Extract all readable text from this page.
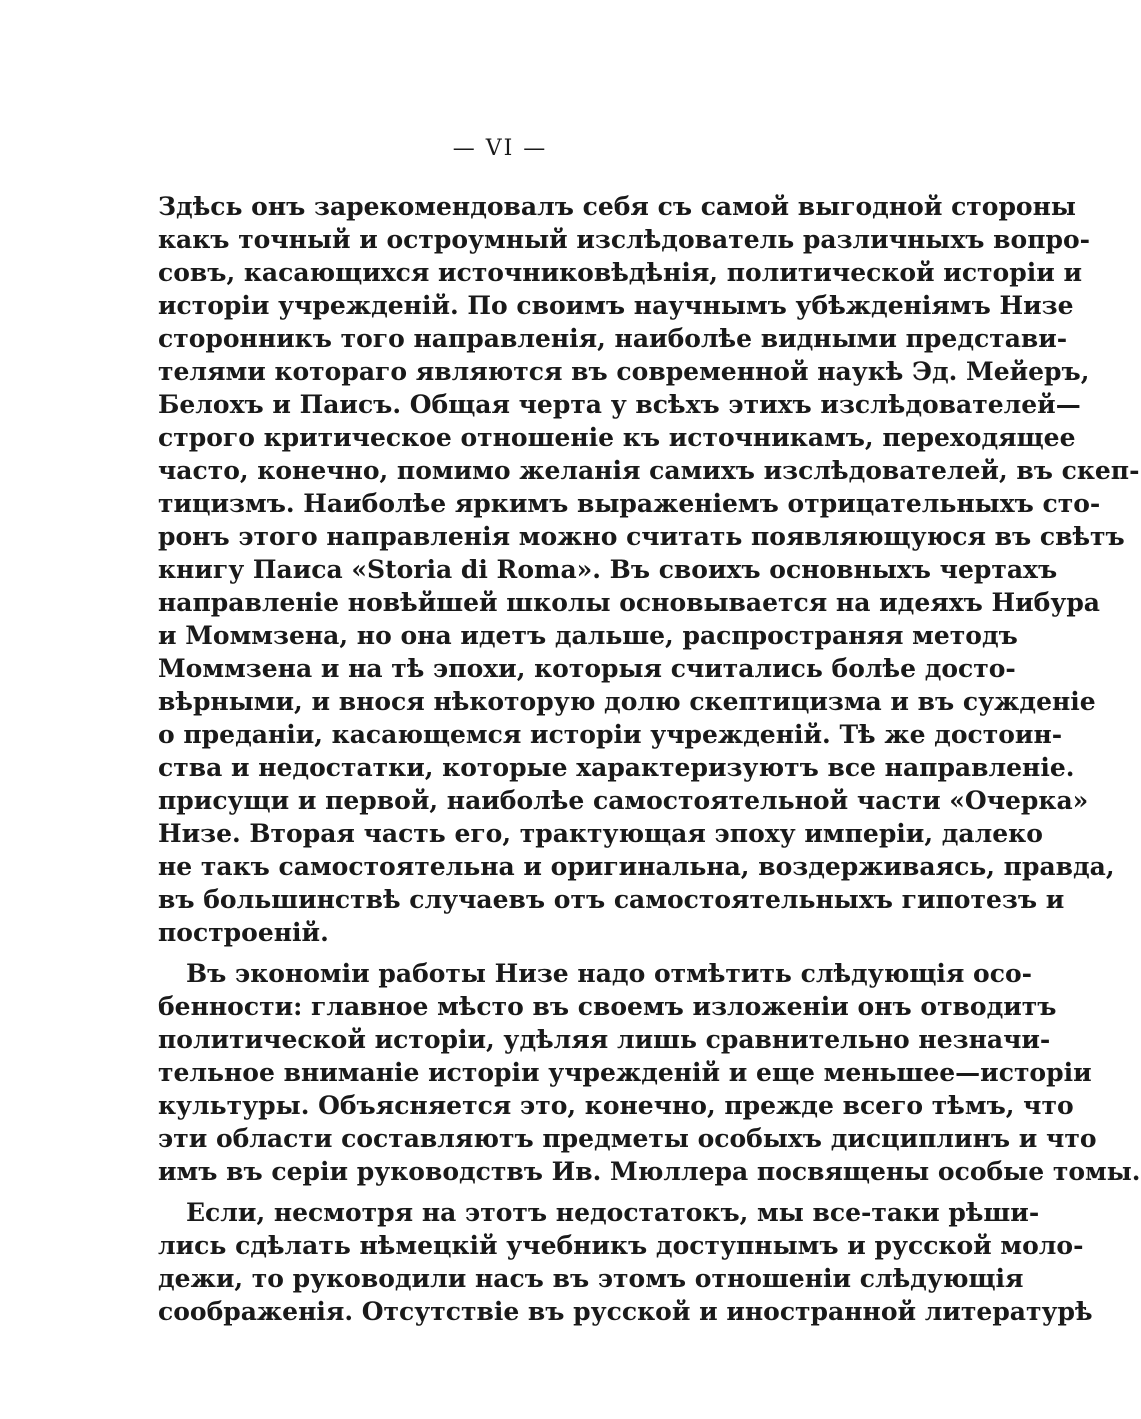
— VI —
Здѣсь онъ зарекомендовалъ себя съ самой выгодной стороны
какъ точный и остроумный изслѣдователь различныхъ вопро-
совъ, касающихся источниковѣдѣнія, политической исторіи и
исторіи учрежденій. По своимъ научнымъ убѣжденіямъ Низе
сторонникъ того направленія, наиболѣе видными представи-
телями котораго являются въ современной наукѣ Эд. Мейеръ,
Белохъ и Паисъ. Общая черта у всѣхъ этихъ изслѣдователей—
строго критическое отношеніе къ источникамъ, переходящее
часто, конечно, помимо желанія самихъ изслѣдователей, въ скеп-
тицизмъ. Наиболѣе яркимъ выраженіемъ отрицательныхъ сто-
ронъ этого направленія можно считать появляющуюся въ свѣтъ
книгу Паиса «Storia di Roma». Въ своихъ основныхъ чертахъ
направленіе новѣйшей школы основывается на идеяхъ Нибура
и Моммзена, но она идетъ дальше, распространяя методъ
Моммзена и на тѣ эпохи, которыя считались болѣе досто-
вѣрными, и внося нѣкоторую долю скептицизма и въ сужденіе
о преданіи, касающемся исторіи учрежденій. Тѣ же достоин-
ства и недостатки, которые характеризуютъ все направленіе.
присущи и первой, наиболѣе самостоятельной части «Очерка»
Низе. Вторая часть его, трактующая эпоху имперіи, далеко
не такъ самостоятельна и оригинальна, воздерживаясь, правда,
въ большинствѣ случаевъ отъ самостоятельныхъ гипотезъ и
построеній.
Въ экономіи работы Низе надо отмѣтить слѣдующія осо-
бенности: главное мѣсто въ своемъ изложеніи онъ отводитъ
политической исторіи, удѣляя лишь сравнительно незначи-
тельное вниманіе исторіи учрежденій и еще меньшее—исторіи
культуры. Объясняется это, конечно, прежде всего тѣмъ, что
эти области составляютъ предметы особыхъ дисциплинъ и что
имъ въ серіи руководствъ Ив. Мюллера посвящены особые томы.
Если, несмотря на этотъ недостатокъ, мы все-таки рѣши-
лись сдѣлать нѣмецкій учебникъ доступнымъ и русской моло-
дежи, то руководили насъ въ этомъ отношеніи слѣдующія
соображенія. Отсутствіе въ русской и иностранной литературѣ
